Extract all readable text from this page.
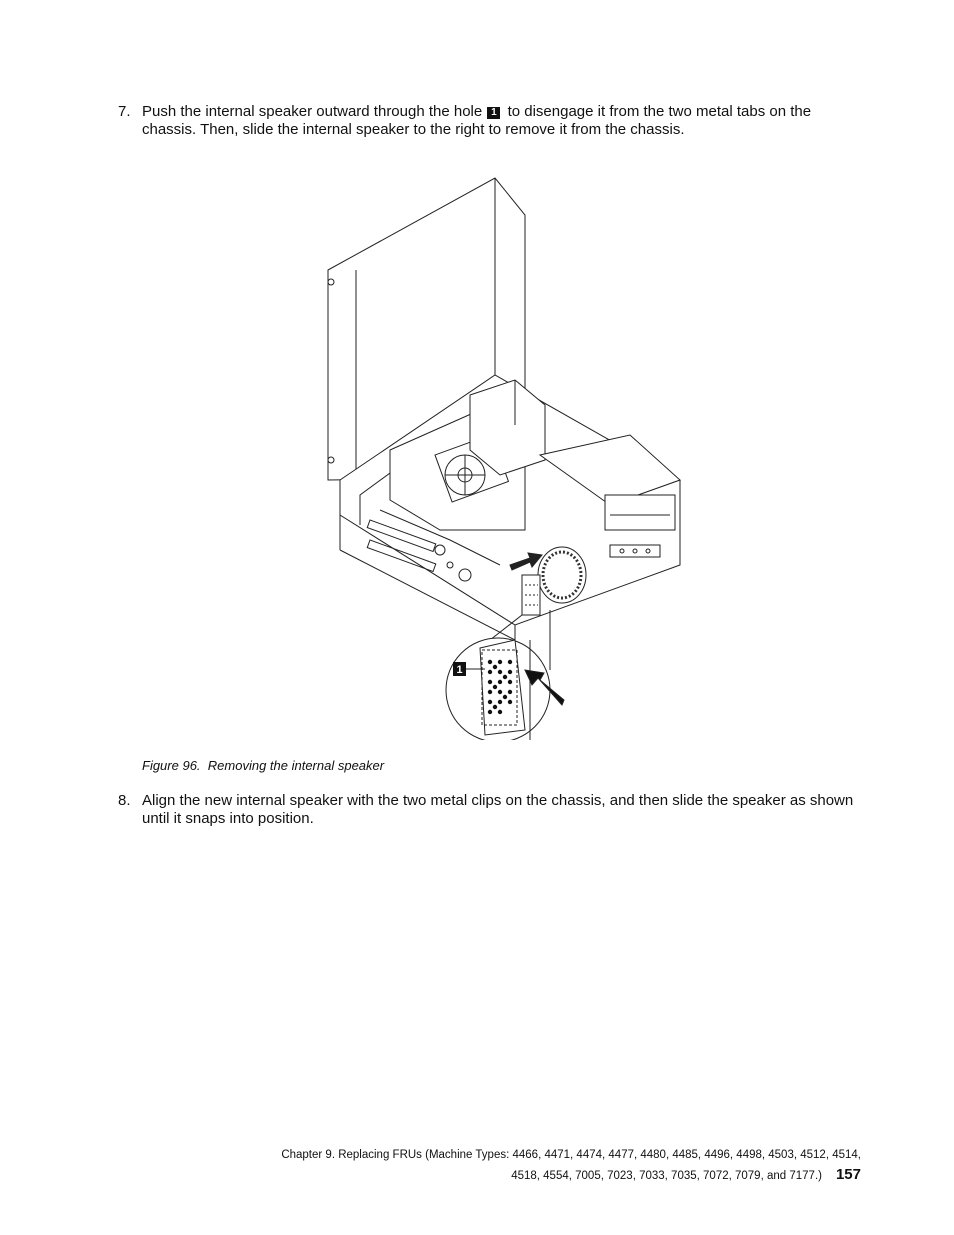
7. Push the internal speaker outward through the hole 1 to disengage it from the two metal tabs on the chassis. Then, slide the internal speaker to the right to remove it from the chassis.
1
Figure 96. Removing the internal speaker
8. Align the new internal speaker with the two metal clips on the chassis, and then slide the speaker as shown until it snaps into position.
Chapter 9. Replacing FRUs (Machine Types: 4466, 4471, 4474, 4477, 4480, 4485, 4496, 4498, 4503, 4512, 4514,
4518, 4554, 7005, 7023, 7033, 7035, 7072, 7079, and 7177.) 157
